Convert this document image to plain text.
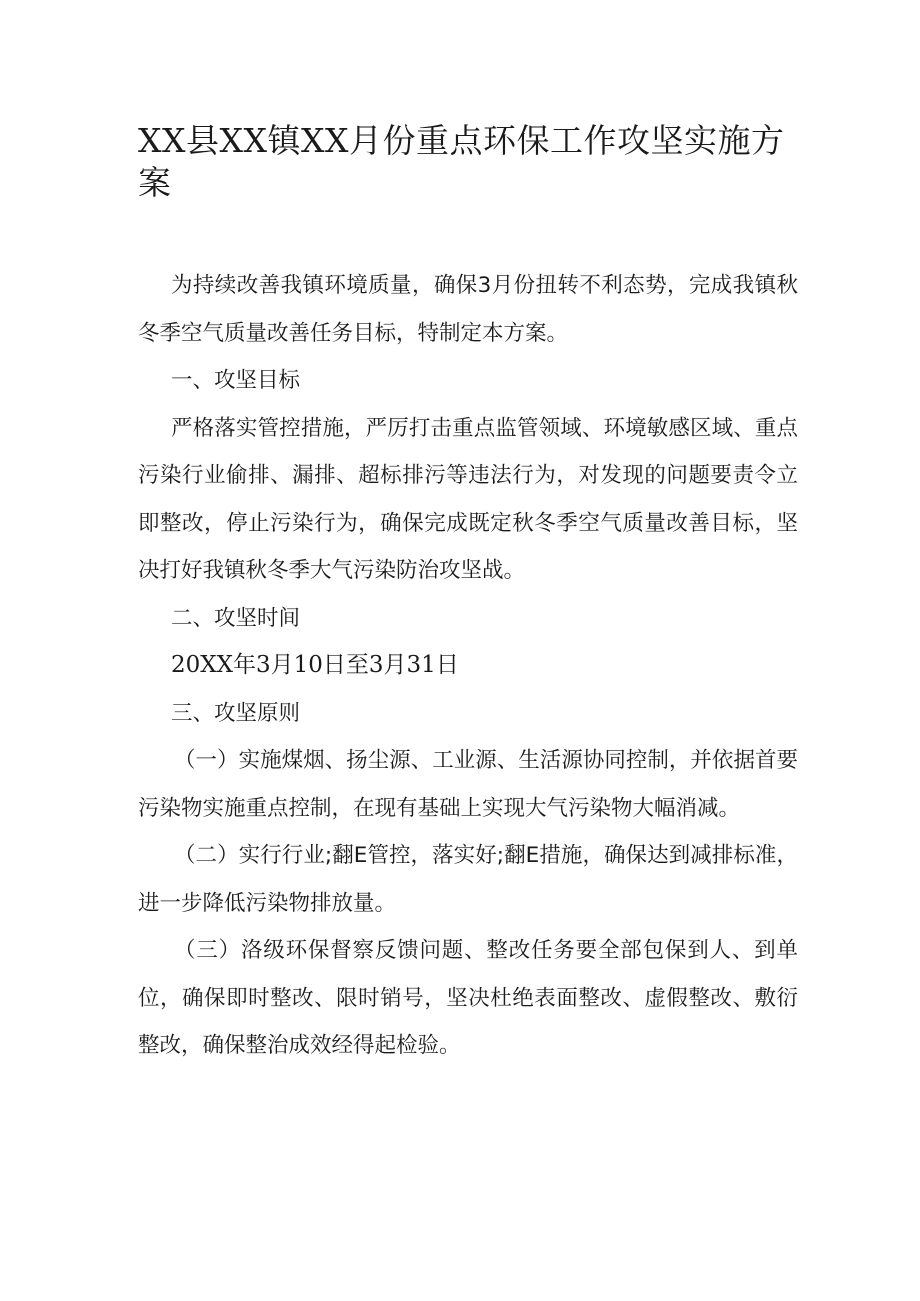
XX县XX镇XX月份重点环保工作攻坚实施方案

为持续改善我镇环境质量，确保3月份扭转不利态势，完成我镇秋冬季空气质量改善任务目标，特制定本方案。

一、攻坚目标

严格落实管控措施，严厉打击重点监管领域、环境敏感区域、重点污染行业偷排、漏排、超标排污等违法行为，对发现的问题要责令立即整改，停止污染行为，确保完成既定秋冬季空气质量改善目标，坚决打好我镇秋冬季大气污染防治攻坚战。

二、攻坚时间

20XX年3月10日至3月31日

三、攻坚原则

（一）实施煤烟、扬尘源、工业源、生活源协同控制，并依据首要污染物实施重点控制，在现有基础上实现大气污染物大幅消减。

（二）实行行业;翻E管控，落实好;翻E措施，确保达到减排标准，进一步降低污染物排放量。

（三）洛级环保督察反馈问题、整改任务要全部包保到人、到单位，确保即时整改、限时销号，坚决杜绝表面整改、虚假整改、敷衍整改，确保整治成效经得起检验。
